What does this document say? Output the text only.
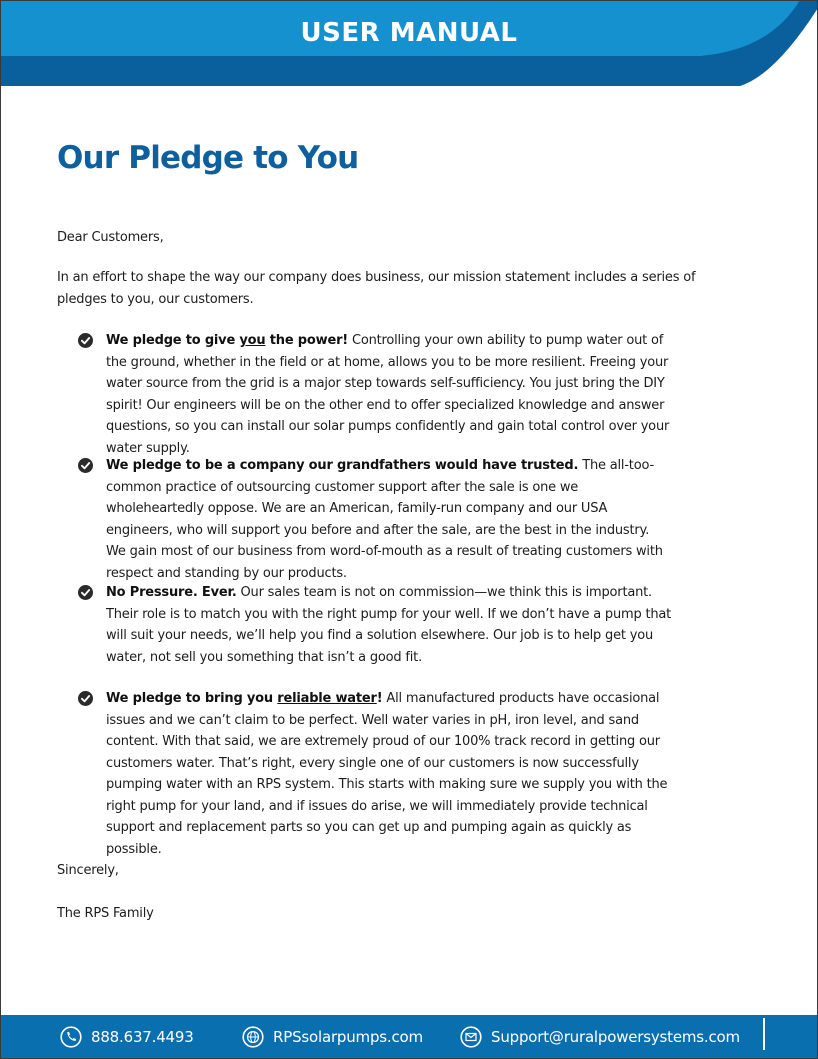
USER MANUAL
Our Pledge to You
Dear Customers,
In an effort to shape the way our company does business, our mission statement includes a series of pledges to you, our customers.
We pledge to give you the power! Controlling your own ability to pump water out of the ground, whether in the field or at home, allows you to be more resilient. Freeing your water source from the grid is a major step towards self-sufficiency. You just bring the DIY spirit! Our engineers will be on the other end to offer specialized knowledge and answer questions, so you can install our solar pumps confidently and gain total control over your water supply.
We pledge to be a company our grandfathers would have trusted. The all-too-common practice of outsourcing customer support after the sale is one we wholeheartedly oppose. We are an American, family-run company and our USA engineers, who will support you before and after the sale, are the best in the industry. We gain most of our business from word-of-mouth as a result of treating customers with respect and standing by our products.
No Pressure. Ever. Our sales team is not on commission—we think this is important. Their role is to match you with the right pump for your well. If we don’t have a pump that will suit your needs, we’ll help you find a solution elsewhere. Our job is to help get you water, not sell you something that isn’t a good fit.
We pledge to bring you reliable water! All manufactured products have occasional issues and we can’t claim to be perfect. Well water varies in pH, iron level, and sand content. With that said, we are extremely proud of our 100% track record in getting our customers water. That’s right, every single one of our customers is now successfully pumping water with an RPS system. This starts with making sure we supply you with the right pump for your land, and if issues do arise, we will immediately provide technical support and replacement parts so you can get up and pumping again as quickly as possible.
Sincerely,
The RPS Family
888.637.4493	RPSsolarpumps.com	Support@ruralpowersystems.com
